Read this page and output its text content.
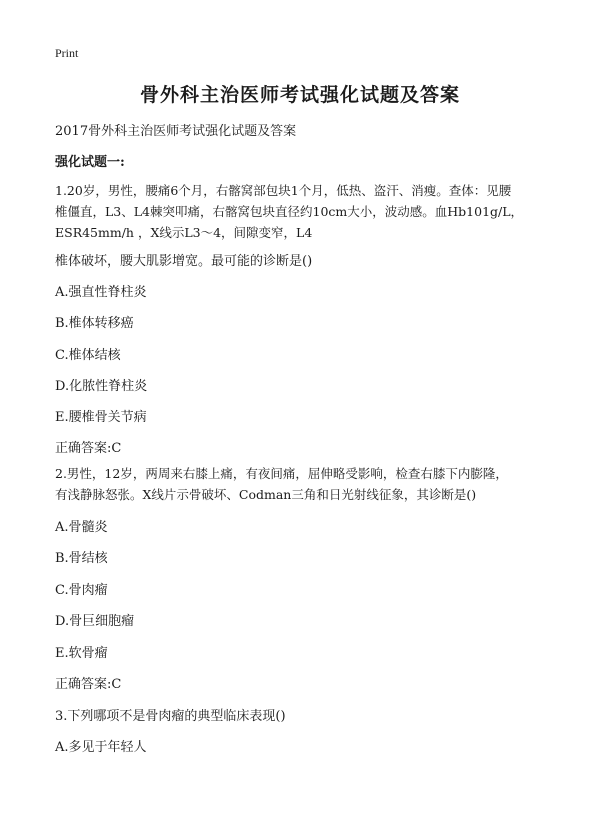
Print
骨外科主治医师考试强化试题及答案
2017骨外科主治医师考试强化试题及答案
强化试题一:
1.20岁，男性，腰痛6个月，右髂窝部包块1个月，低热、盗汗、消瘦。查体：见腰
椎僵直，L3、L4棘突叩痛，右髂窝包块直径约10cm大小，波动感。血Hb101g/L，
ESR45mm/h ，X线示L3～4，间隙变窄，L4
椎体破坏，腰大肌影增宽。最可能的诊断是()
A.强直性脊柱炎
B.椎体转移癌
C.椎体结核
D.化脓性脊柱炎
E.腰椎骨关节病
正确答案:C
2.男性，12岁，两周来右膝上痛，有夜间痛，屈伸略受影响，检查右膝下内膨隆，
有浅静脉怒张。X线片示骨破坏、Codman三角和日光射线征象，其诊断是()
A.骨髓炎
B.骨结核
C.骨肉瘤
D.骨巨细胞瘤
E.软骨瘤
正确答案:C
3.下列哪项不是骨肉瘤的典型临床表现()
A.多见于年轻人
